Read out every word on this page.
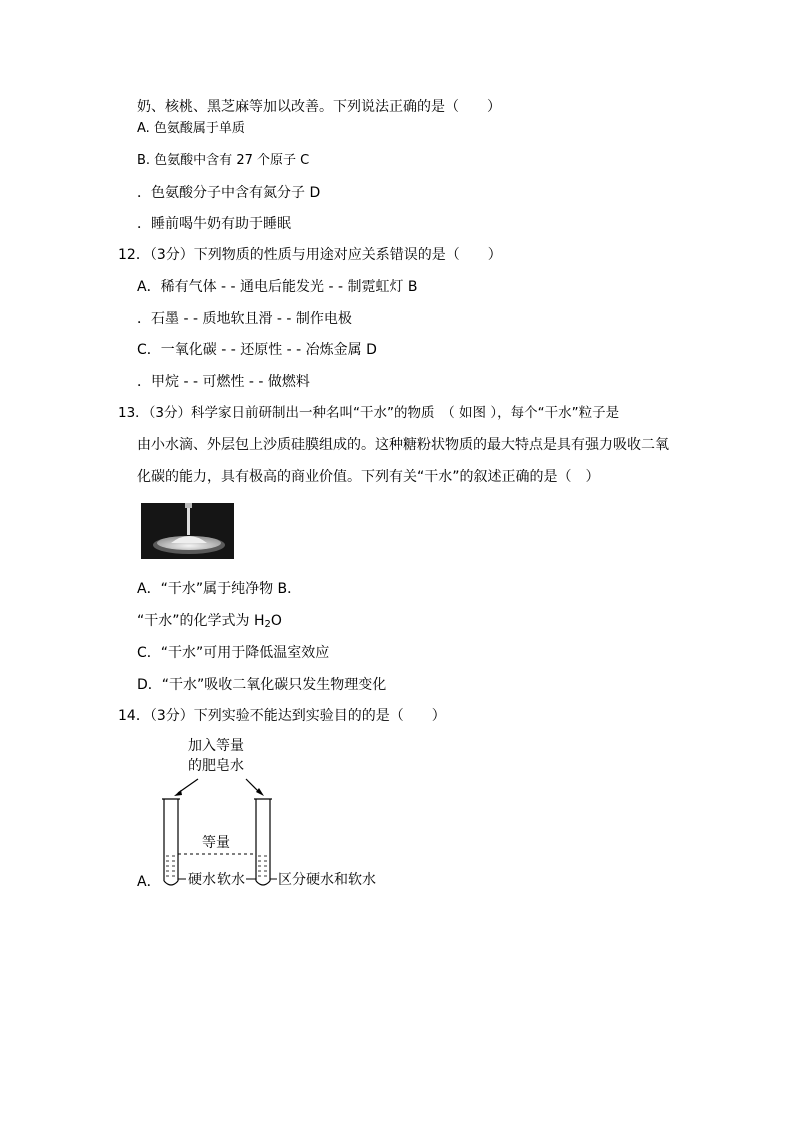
奶、核桃、黑芝麻等加以改善。下列说法正确的是（　　）
A. 色氨酸属于单质
B. 色氨酸中含有 27 个原子 C
．色氨酸分子中含有氮分子 D
．睡前喝牛奶有助于睡眠
12．（3分）下列物质的性质与用途对应关系错误的是（　　）
A．稀有气体 - - 通电后能发光 - - 制霓虹灯 B
．石墨 - - 质地软且滑 - - 制作电极
C．一氧化碳 - - 还原性 - - 冶炼金属 D
．甲烷 - - 可燃性 - - 做燃料
13．（3分）科学家日前研制出一种名叫“干水”的物质　（ 如图 ），每个“干水”粒子是
由小水滴、外层包上沙质硅膜组成的。这种糖粉状物质的最大特点是具有强力吸收二氧
化碳的能力，具有极高的商业价值。下列有关“干水”的叙述正确的是（　）
A．“干水”属于纯净物 B．
“干水”的化学式为 $H_2O$
C．“干水”可用于降低温室效应
D．“干水”吸收二氧化碳只发生物理变化
14．（3分）下列实验不能达到实验目的的是（　　）
A．
加入等量
的肥皂水
等量
硬水 软水 区分硬水和软水
